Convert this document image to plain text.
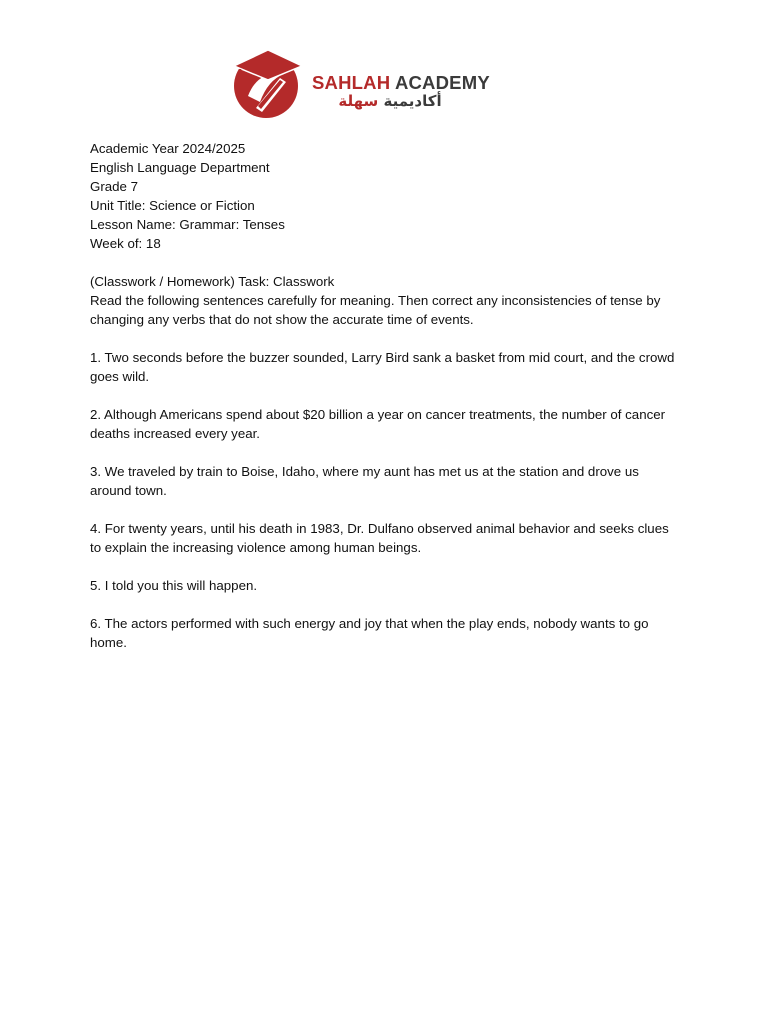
SAHLAH ACADEMY
أكاديمية سهلة

Academic Year 2024/2025

English Language Department

Grade 7

Unit Title: Science or Fiction

Lesson Name: Grammar: Tenses

Week of: 18

(Classwork / Homework) Task: Classwork

Read the following sentences carefully for meaning. Then correct any inconsistencies of tense by changing any verbs that do not show the accurate time of events.

1. Two seconds before the buzzer sounded, Larry Bird sank a basket from mid court, and the crowd goes wild.

2. Although Americans spend about $20 billion a year on cancer treatments, the number of cancer deaths increased every year.

3. We traveled by train to Boise, Idaho, where my aunt has met us at the station and drove us around town.

4. For twenty years, until his death in 1983, Dr. Dulfano observed animal behavior and seeks clues to explain the increasing violence among human beings.

5. I told you this will happen.

6. The actors performed with such energy and joy that when the play ends, nobody wants to go home.
